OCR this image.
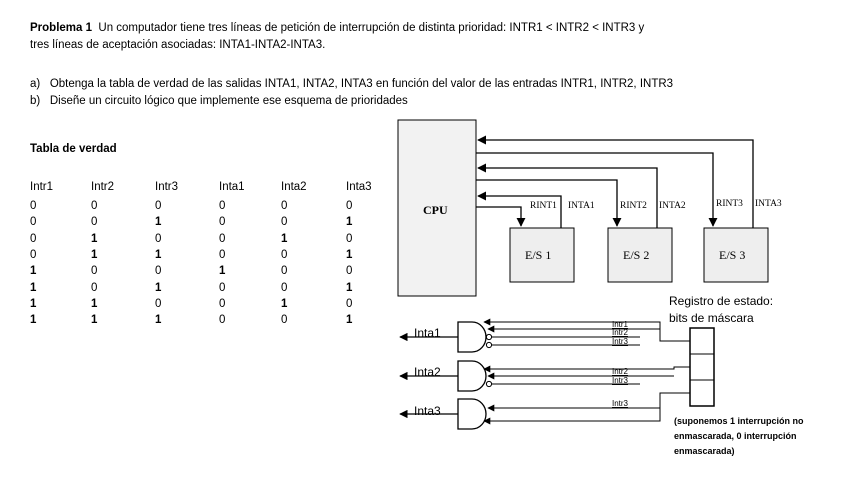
Problema 1 Un computador tiene tres líneas de petición de interrupción de distinta prioridad: INTR1 < INTR2 < INTR3 y
tres líneas de aceptación asociadas: INTA1-INTA2-INTA3.
a) Obtenga la tabla de verdad de las salidas INTA1, INTA2, INTA3 en función del valor de las entradas INTR1, INTR2, INTR3
b) Diseñe un circuito lógico que implemente ese esquema de prioridades
Tabla de verdad
Intr1	Intr2	Intr3	Inta1	Inta2	Inta3
0	0	0	0	0	0
0	0	1	0	0	1
0	1	0	0	1	0
0	1	1	0	0	1
1	0	0	1	0	0
1	0	1	0	0	1
1	1	0	0	1	0
1	1	1	0	0	1
CPU	RINT1 INTA1	RINT2 INTA2	RINT3 INTA3
E/S 1	E/S 2	E/S 3
Registro de estado:
bits de máscara
Inta1
Inta2
Inta3
Intr1
Intr2
Intr3
Intr2
Intr3
Intr3
(suponemos 1 interrupción no
enmascarada, 0 interrupción
enmascarada)
